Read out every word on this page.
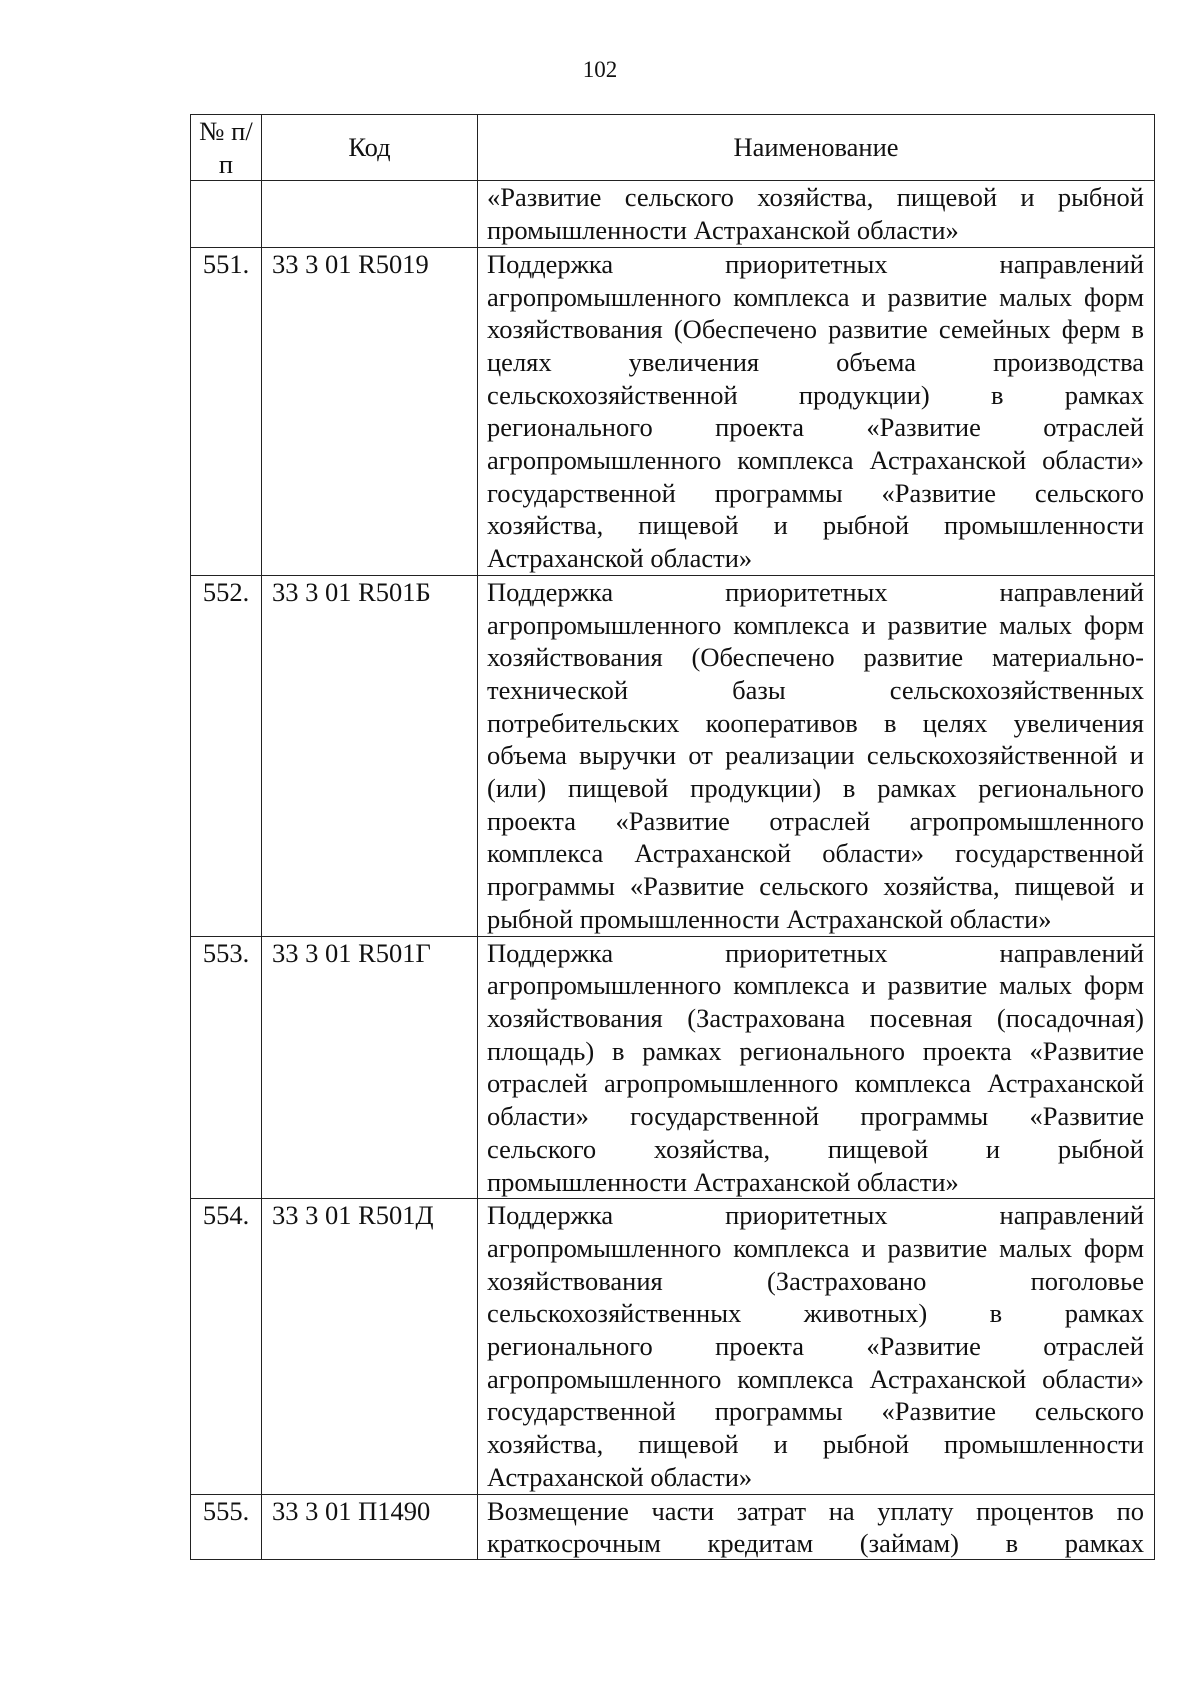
102
№ п/п	Код	Наименование
		«Развитие сельского хозяйства, пищевой и рыбной промышленности Астраханской области»
551.	33 3 01 R5019	Поддержка приоритетных направлений агропромышленного комплекса и развитие малых форм хозяйствования (Обеспечено развитие семейных ферм в целях увеличения объема производства сельскохозяйственной продукции) в рамках регионального проекта «Развитие отраслей агропромышленного комплекса Астраханской области» государственной программы «Развитие сельского хозяйства, пищевой и рыбной промышленности Астраханской области»
552.	33 3 01 R501Б	Поддержка приоритетных направлений агропромышленного комплекса и развитие малых форм хозяйствования (Обеспечено развитие материально-технической базы сельскохозяйственных потребительских кооперативов в целях увеличения объема выручки от реализации сельскохозяйственной и (или) пищевой продукции) в рамках регионального проекта «Развитие отраслей агропромышленного комплекса Астраханской области» государственной программы «Развитие сельского хозяйства, пищевой и рыбной промышленности Астраханской области»
553.	33 3 01 R501Г	Поддержка приоритетных направлений агропромышленного комплекса и развитие малых форм хозяйствования (Застрахована посевная (посадочная) площадь) в рамках регионального проекта «Развитие отраслей агропромышленного комплекса Астраханской области» государственной программы «Развитие сельского хозяйства, пищевой и рыбной промышленности Астраханской области»
554.	33 3 01 R501Д	Поддержка приоритетных направлений агропромышленного комплекса и развитие малых форм хозяйствования (Застраховано поголовье сельскохозяйственных животных) в рамках регионального проекта «Развитие отраслей агропромышленного комплекса Астраханской области» государственной программы «Развитие сельского хозяйства, пищевой и рыбной промышленности Астраханской области»
555.	33 3 01 П1490	Возмещение части затрат на уплату процентов по краткосрочным кредитам (займам) в рамках
